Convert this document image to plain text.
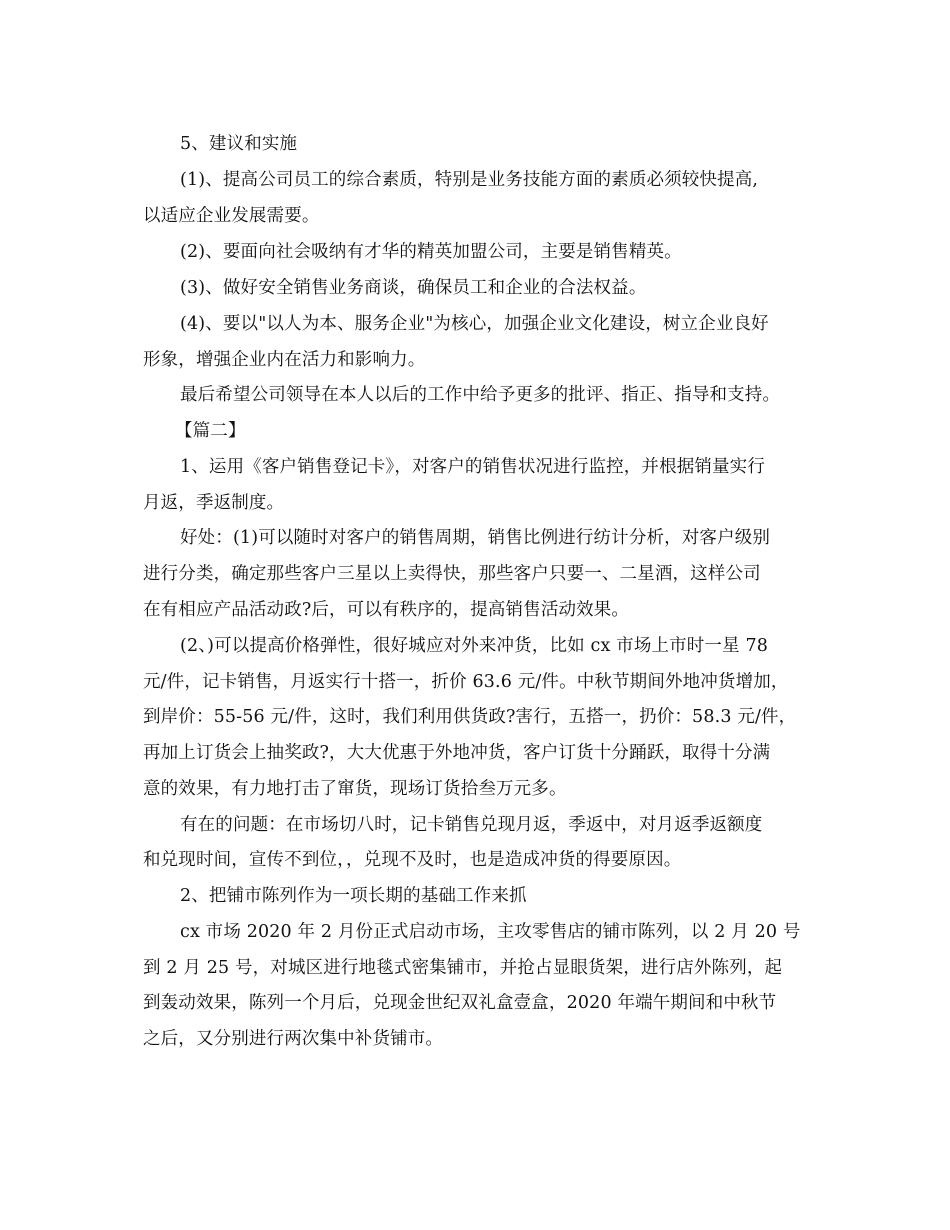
5、建议和实施
(1)、提高公司员工的综合素质，特别是业务技能方面的素质必须较快提高,
以适应企业发展需要。
(2)、要面向社会吸纳有才华的精英加盟公司，主要是销售精英。
(3)、做好安全销售业务商谈，确保员工和企业的合法权益。
(4)、要以"以人为本、服务企业"为核心，加强企业文化建设，树立企业良好
形象，增强企业内在活力和影响力。
最后希望公司领导在本人以后的工作中给予更多的批评、指正、指导和支持。
【篇二】
1、运用《客户销售登记卡》，对客户的销售状况进行监控，并根据销量实行
月返，季返制度。
好处：(1)可以随时对客户的销售周期，销售比例进行纺计分析，对客户级别
进行分类，确定那些客户三星以上卖得快，那些客户只要一、二星酒，这样公司
在有相应产品活动政?后，可以有秩序的，提高销售活动效果。
(2、)可以提高价格弹性，很好城应对外来冲货，比如 cx 市场上市时一星 78
元/件，记卡销售，月返实行十搭一，折价 63.6 元/件。中秋节期间外地冲货增加，
到岸价：55-56 元/件，这时，我们利用供货政?害行，五搭一，扔价：58.3 元/件，
再加上订货会上抽奖政?，大大优惠于外地冲货，客户订货十分踊跃，取得十分满
意的效果，有力地打击了窜货，现场订货拾叁万元多。
有在的问题：在市场切八时，记卡销售兑现月返，季返中，对月返季返额度
和兑现时间，宣传不到位，，兑现不及时，也是造成冲货的得要原因。
2、把铺市陈列作为一项长期的基础工作来抓
cx 市场 2020 年 2 月份正式启动市场，主攻零售店的铺市陈列，以 2 月 20 号
到 2 月 25 号，对城区进行地毯式密集铺市，并抢占显眼货架，进行店外陈列，起
到轰动效果，陈列一个月后，兑现金世纪双礼盒壹盒，2020 年端午期间和中秋节
之后，又分别进行两次集中补货铺市。
